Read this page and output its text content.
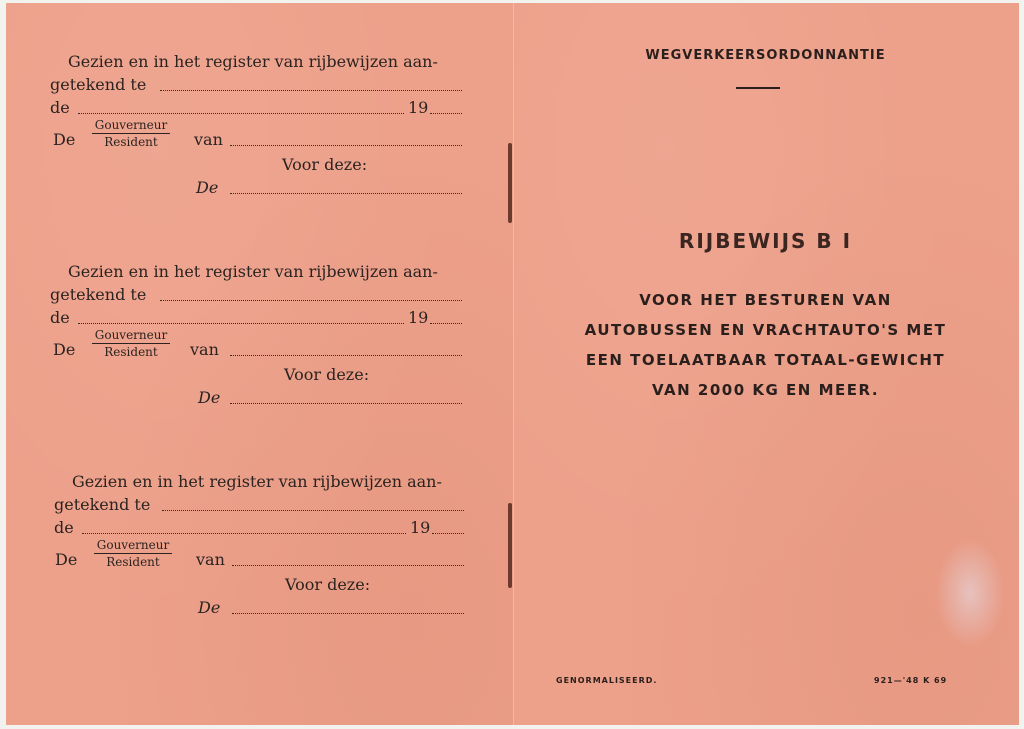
Gezien en in het register van rijbewijzen aan-
getekend te
de	19
De
Gouverneur
Resident	van
Voor deze:
De
Gezien en in het register van rijbewijzen aan-
getekend te
de	19
De
Gouverneur
Resident	van
Voor deze:
De
Gezien en in het register van rijbewijzen aan-
getekend te
de	19
De
Gouverneur
Resident	van
Voor deze:
De
WEGVERKEERSORDONNANTIE
RIJBEWIJS B I
VOOR HET BESTUREN VAN
AUTOBUSSEN EN VRACHTAUTO'S MET
EEN TOELAATBAAR TOTAAL-GEWICHT
VAN 2000 KG EN MEER.
GENORMALISEERD.	921—'48 K 69
